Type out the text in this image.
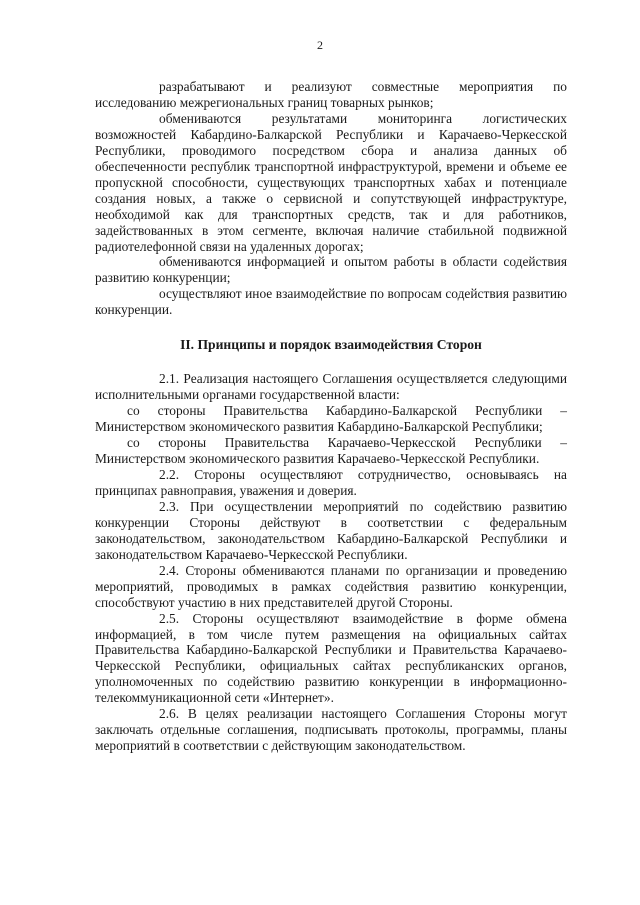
2

разрабатывают и реализуют совместные мероприятия по исследованию межрегиональных границ товарных рынков;

обмениваются результатами мониторинга логистических возможностей Кабардино-Балкарской Республики и Карачаево-Черкесской Республики, проводимого посредством сбора и анализа данных об обеспеченности республик транспортной инфраструктурой, времени и объеме ее пропускной способности, существующих транспортных хабах и потенциале создания новых, а также о сервисной и сопутствующей инфраструктуре, необходимой как для транспортных средств, так и для работников, задействованных в этом сегменте, включая наличие стабильной подвижной радиотелефонной связи на удаленных дорогах;

обмениваются информацией и опытом работы в области содействия развитию конкуренции;

осуществляют иное взаимодействие по вопросам содействия развитию конкуренции.

II. Принципы и порядок взаимодействия Сторон

2.1. Реализация настоящего Соглашения осуществляется следующими исполнительными органами государственной власти:

со стороны Правительства Кабардино-Балкарской Республики – Министерством экономического развития Кабардино-Балкарской Республики;

со стороны Правительства Карачаево-Черкесской Республики – Министерством экономического развития Карачаево-Черкесской Республики.

2.2. Стороны осуществляют сотрудничество, основываясь на принципах равноправия, уважения и доверия.

2.3. При осуществлении мероприятий по содействию развитию конкуренции Стороны действуют в соответствии с федеральным законодательством, законодательством Кабардино-Балкарской Республики и законодательством Карачаево-Черкесской Республики.

2.4. Стороны обмениваются планами по организации и проведению мероприятий, проводимых в рамках содействия развитию конкуренции, способствуют участию в них представителей другой Стороны.

2.5. Стороны осуществляют взаимодействие в форме обмена информацией, в том числе путем размещения на официальных сайтах Правительства Кабардино-Балкарской Республики и Правительства Карачаево-Черкесской Республики, официальных сайтах республиканских органов, уполномоченных по содействию развитию конкуренции в информационно-телекоммуникационной сети «Интернет».

2.6. В целях реализации настоящего Соглашения Стороны могут заключать отдельные соглашения, подписывать протоколы, программы, планы мероприятий в соответствии с действующим законодательством.
